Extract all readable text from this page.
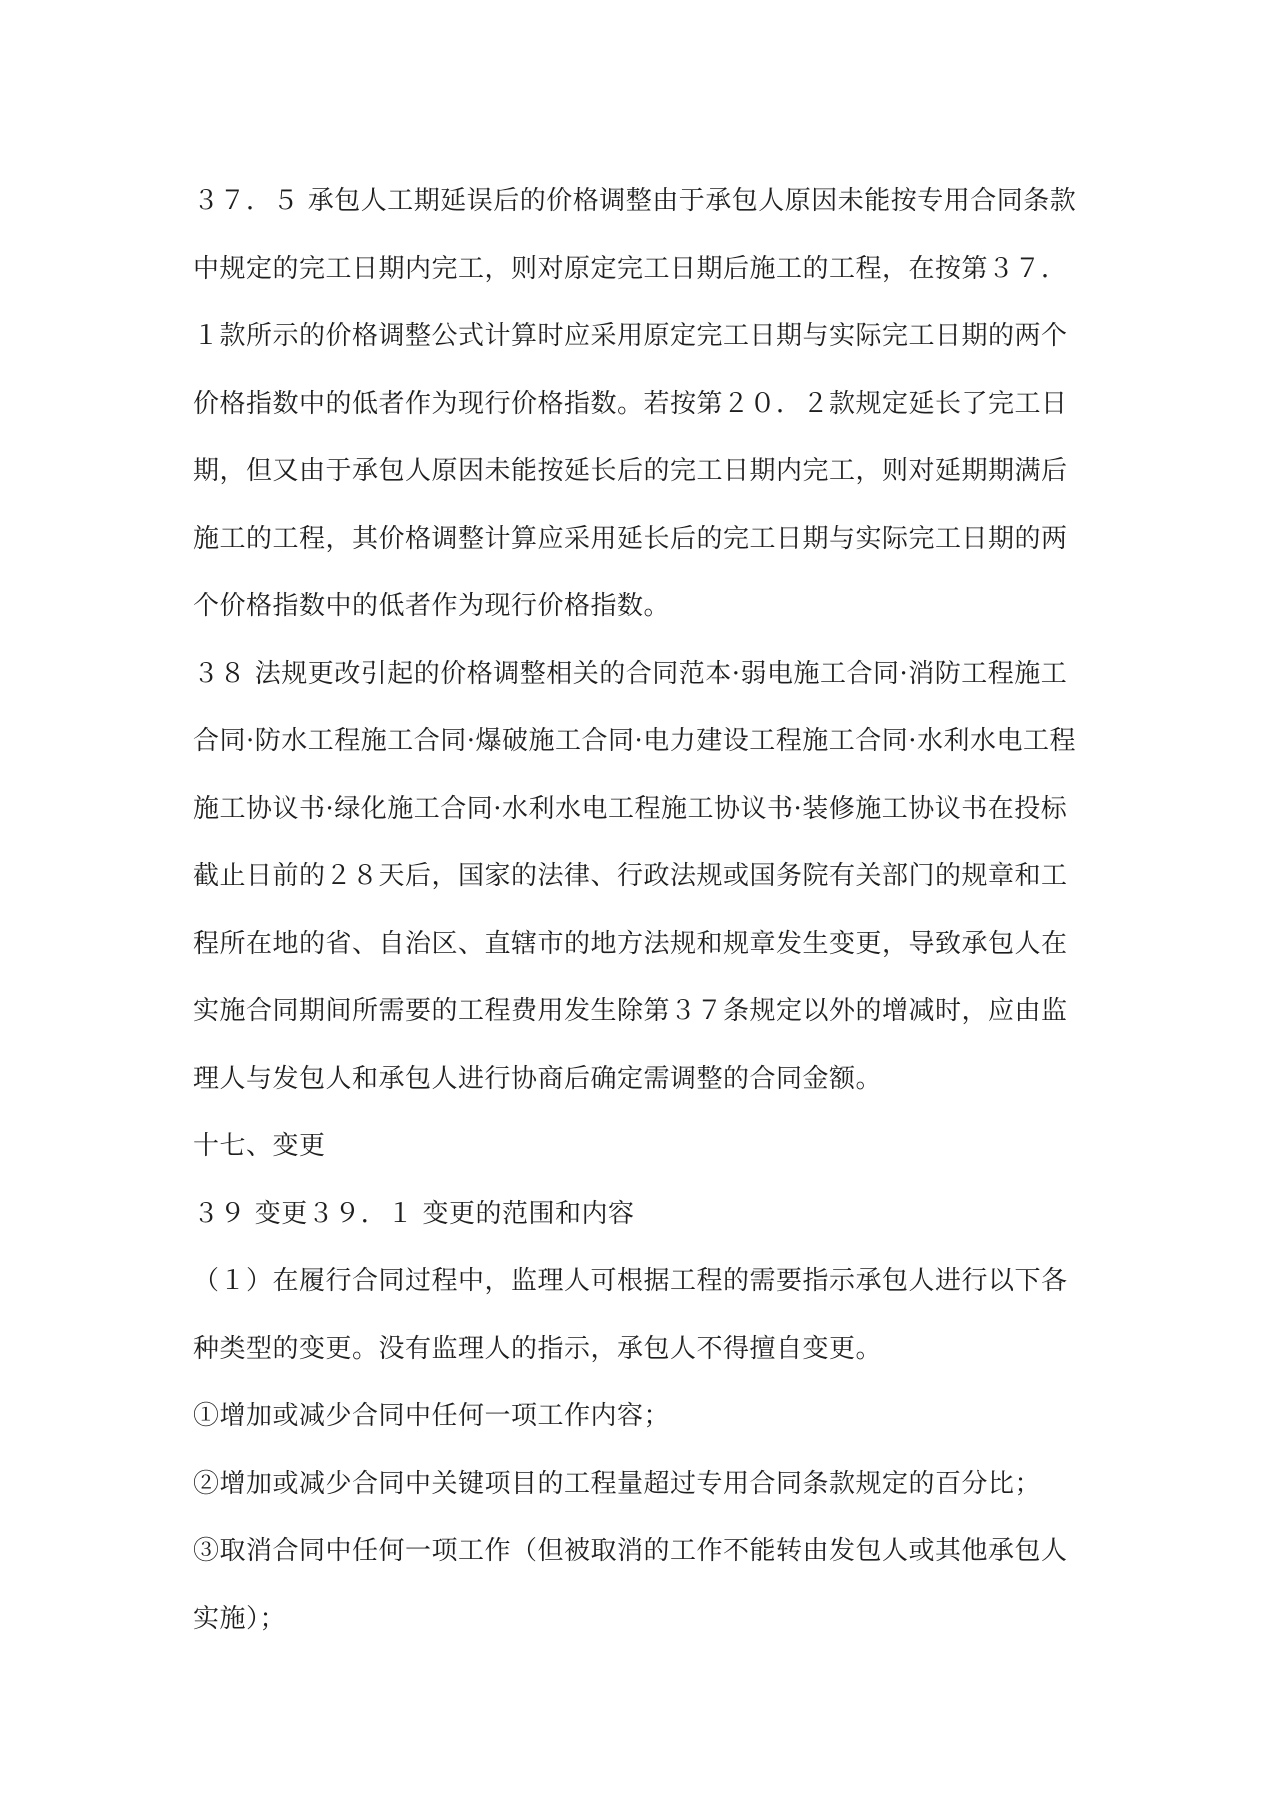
３７．５ 承包人工期延误后的价格调整由于承包人原因未能按专用合同条款中规定的完工日期内完工，则对原定完工日期后施工的工程，在按第３７．１款所示的价格调整公式计算时应采用原定完工日期与实际完工日期的两个价格指数中的低者作为现行价格指数。若按第２０．２款规定延长了完工日期，但又由于承包人原因未能按延长后的完工日期内完工，则对延期期满后施工的工程，其价格调整计算应采用延长后的完工日期与实际完工日期的两个价格指数中的低者作为现行价格指数。

３８ 法规更改引起的价格调整相关的合同范本·弱电施工合同·消防工程施工合同·防水工程施工合同·爆破施工合同·电力建设工程施工合同·水利水电工程施工协议书·绿化施工合同·水利水电工程施工协议书·装修施工协议书在投标截止日前的２８天后，国家的法律、行政法规或国务院有关部门的规章和工程所在地的省、自治区、直辖市的地方法规和规章发生变更，导致承包人在实施合同期间所需要的工程费用发生除第３７条规定以外的增减时，应由监理人与发包人和承包人进行协商后确定需调整的合同金额。

十七、变更

３９ 变更３９．１ 变更的范围和内容

（１）在履行合同过程中，监理人可根据工程的需要指示承包人进行以下各种类型的变更。没有监理人的指示，承包人不得擅自变更。

①增加或减少合同中任何一项工作内容；

②增加或减少合同中关键项目的工程量超过专用合同条款规定的百分比；

③取消合同中任何一项工作（但被取消的工作不能转由发包人或其他承包人实施）；
